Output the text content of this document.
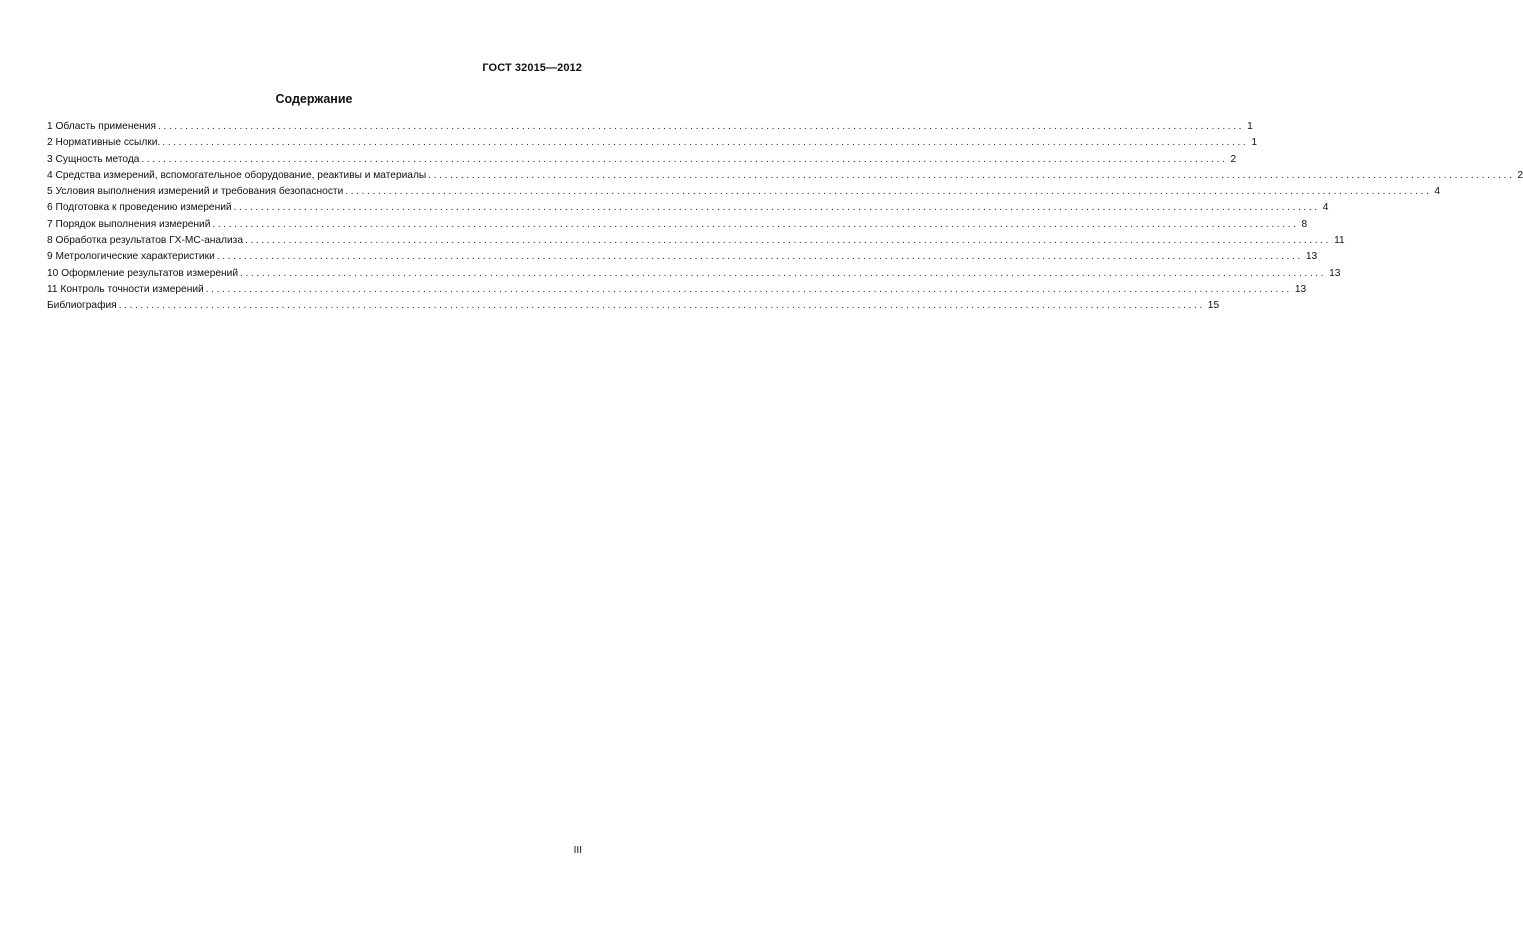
ГОСТ 32015—2012
Содержание
1 Область применения ........................................................................................................................................................................................................ 1
2 Нормативные ссылки. ........................................................................................................................................................................................................ 1
3 Сущность метода ........................................................................................................................................................................................................ 2
4 Средства измерений, вспомогательное оборудование, реактивы и материалы ........................................................................................................................................................................................................ 2
5 Условия выполнения измерений и требования безопасности ........................................................................................................................................................................................................ 4
6 Подготовка к проведению измерений ........................................................................................................................................................................................................ 4
7 Порядок выполнения измерений ........................................................................................................................................................................................................ 8
8 Обработка результатов ГХ-МС-анализа ........................................................................................................................................................................................................ 11
9 Метрологические характеристики ........................................................................................................................................................................................................ 13
10 Оформление результатов измерений ........................................................................................................................................................................................................ 13
11 Контроль точности измерений ........................................................................................................................................................................................................ 13
Библиография ........................................................................................................................................................................................................ 15
III
